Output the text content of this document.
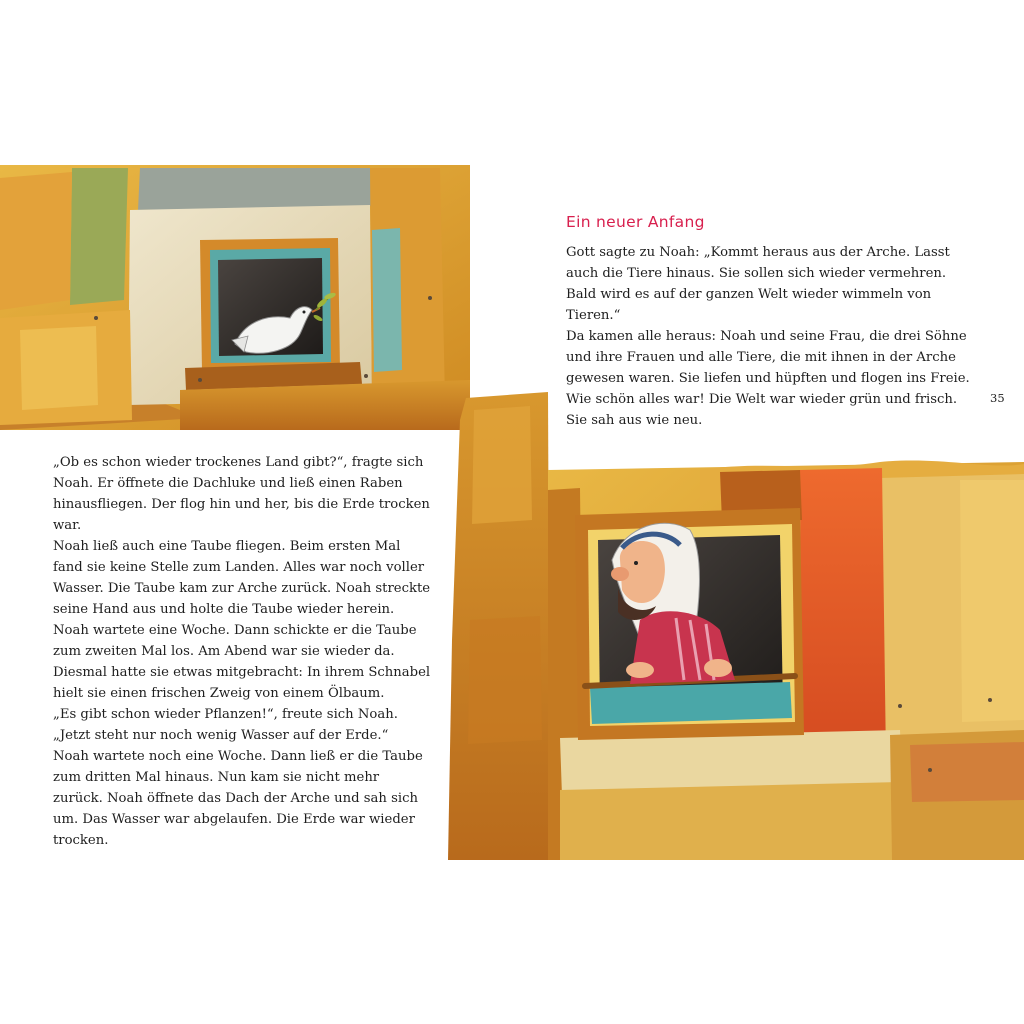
Ein neuer Anfang

Gott sagte zu Noah: „Kommt heraus aus der Arche. Lasst auch die Tiere hinaus. Sie sollen sich wieder vermehren. Bald wird es auf der ganzen Welt wieder wimmeln von Tieren.“

Da kamen alle heraus: Noah und seine Frau, die drei Söhne und ihre Frauen und alle Tiere, die mit ihnen in der Arche gewesen waren. Sie liefen und hüpften und flogen ins Freie.

Wie schön alles war! Die Welt war wieder grün und frisch. Sie sah aus wie neu.

35

„Ob es schon wieder trockenes Land gibt?“, fragte sich Noah. Er öffnete die Dachluke und ließ einen Raben hinausfliegen. Der flog hin und her, bis die Erde trocken war.

Noah ließ auch eine Taube fliegen. Beim ersten Mal fand sie keine Stelle zum Landen. Alles war noch voller Wasser. Die Taube kam zur Arche zurück. Noah streckte seine Hand aus und holte die Taube wieder herein.

Noah wartete eine Woche. Dann schickte er die Taube zum zweiten Mal los. Am Abend war sie wieder da. Diesmal hatte sie etwas mitgebracht: In ihrem Schnabel hielt sie einen frischen Zweig von einem Ölbaum.

„Es gibt schon wieder Pflanzen!“, freute sich Noah. „Jetzt steht nur noch wenig Wasser auf der Erde.“

Noah wartete noch eine Woche. Dann ließ er die Taube zum dritten Mal hinaus. Nun kam sie nicht mehr zurück. Noah öffnete das Dach der Arche und sah sich um. Das Wasser war abgelaufen. Die Erde war wieder trocken.
